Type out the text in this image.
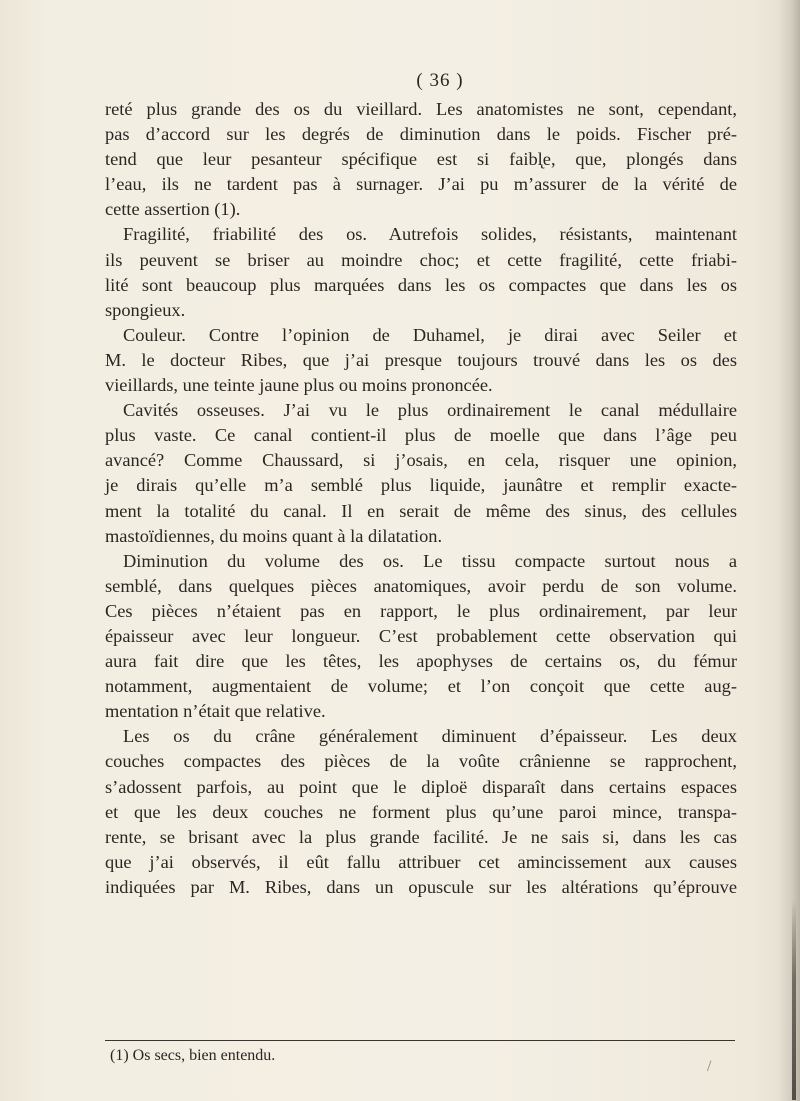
( 36 )
reté plus grande des os du vieillard. Les anatomistes ne sont, cependant,
pas d’accord sur les degrés de diminution dans le poids. Fischer pré-
tend que leur pesanteur spécifique est si faibl̨e, que, plongés dans
l’eau, ils ne tardent pas à surnager. J’ai pu m’assurer de la vérité de
cette assertion (1).
Fragilité, friabilité des os. Autrefois solides, résistants, maintenant
ils peuvent se briser au moindre choc; et cette fragilité, cette friabi-
lité sont beaucoup plus marquées dans les os compactes que dans les os
spongieux.
Couleur. Contre l’opinion de Duhamel, je dirai avec Seiler et
M. le docteur Ribes, que j’ai presque toujours trouvé dans les os des
vieillards, une teinte jaune plus ou moins prononcée.
Cavités osseuses. J’ai vu le plus ordinairement le canal médullaire
plus vaste. Ce canal contient-il plus de moelle que dans l’âge peu
avancé? Comme Chaussard, si j’osais, en cela, risquer une opinion,
je dirais qu’elle m’a semblé plus liquide, jaunâtre et remplir exacte-
ment la totalité du canal. Il en serait de même des sinus, des cellules
mastoïdiennes, du moins quant à la dilatation.
Diminution du volume des os. Le tissu compacte surtout nous a
semblé, dans quelques pièces anatomiques, avoir perdu de son volume.
Ces pièces n’étaient pas en rapport, le plus ordinairement, par leur
épaisseur avec leur longueur. C’est probablement cette observation qui
aura fait dire que les têtes, les apophyses de certains os, du fémur
notamment, augmentaient de volume; et l’on conçoit que cette aug-
mentation n’était que relative.
Les os du crâne généralement diminuent d’épaisseur. Les deux
couches compactes des pièces de la voûte crânienne se rapprochent,
s’adossent parfois, au point que le diploë disparaît dans certains espaces
et que les deux couches ne forment plus qu’une paroi mince, transpa-
rente, se brisant avec la plus grande facilité. Je ne sais si, dans les cas
que j’ai observés, il eût fallu attribuer cet amincissement aux causes
indiquées par M. Ribes, dans un opuscule sur les altérations qu’éprouve
(1) Os secs, bien entendu.
/
